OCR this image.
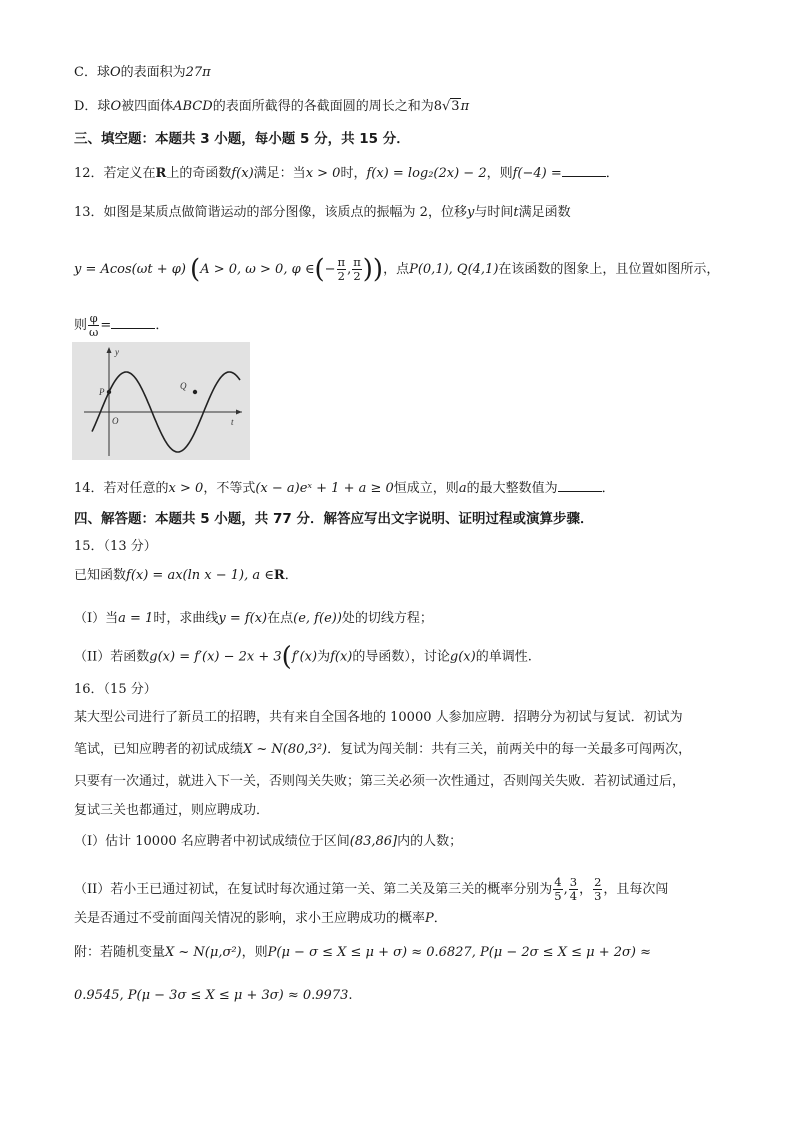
C．球O的表面积为27π
D．球O被四面体ABCD的表面所截得的各截面圆的周长之和为8√3π
三、填空题：本题共 3 小题，每小题 5 分，共 15 分．
12．若定义在R上的奇函数f(x)满足：当x > 0时，f(x) = log₂(2x) − 2，则f(−4) =	．
13．如图是某质点做简谐运动的部分图像，该质点的振幅为 2，位移y与时间t满足函数
y = Acos(ωt + φ) (A > 0, ω > 0, φ ∈(− $\frac{\pi}{2}$ , $\frac{\pi}{2}$ ))，点P(0,1), Q(4,1)在该函数的图象上，且位置如图所示，
则 $\frac{\varphi}{\omega}$ =	．
y
t
O
P
Q
14．若对任意的x > 0，不等式(x − a)eˣ + 1 + a ≥ 0恒成立，则a的最大整数值为	．
四、解答题：本题共 5 小题，共 77 分．解答应写出文字说明、证明过程或演算步骤．
15．（13 分）
已知函数f(x) = ax(ln x − 1), a ∈R．
（I）当a = 1时，求曲线y = f(x)在点(e, f(e))处的切线方程；
（II）若函数g(x) = f′(x) − 2x + 3(f′(x)为f(x)的导函数），讨论g(x)的单调性.
16．（15 分）
某大型公司进行了新员工的招聘，共有来自全国各地的 10000 人参加应聘．招聘分为初试与复试．初试为
笔试，已知应聘者的初试成绩X ~ N(80,3²)．复试为闯关制：共有三关，前两关中的每一关最多可闯两次，
只要有一次通过，就进入下一关，否则闯关失败；第三关必须一次性通过，否则闯关失败．若初试通过后，
复试三关也都通过，则应聘成功．
（I）估计 10000 名应聘者中初试成绩位于区间(83,86]内的人数；
（II）若小王已通过初试，在复试时每次通过第一关、第二关及第三关的概率分别为 $\frac{4}{5}$ , $\frac{3}{4}$ ， $\frac{2}{3}$ ，且每次闯
关是否通过不受前面闯关情况的影响，求小王应聘成功的概率P．
附：若随机变量X ~ N(μ,σ²)，则P(μ − σ ≤ X ≤ μ + σ) ≈ 0.6827, P(μ − 2σ ≤ X ≤ μ + 2σ) ≈
0.9545, P(μ − 3σ ≤ X ≤ μ + 3σ) ≈ 0.9973.
